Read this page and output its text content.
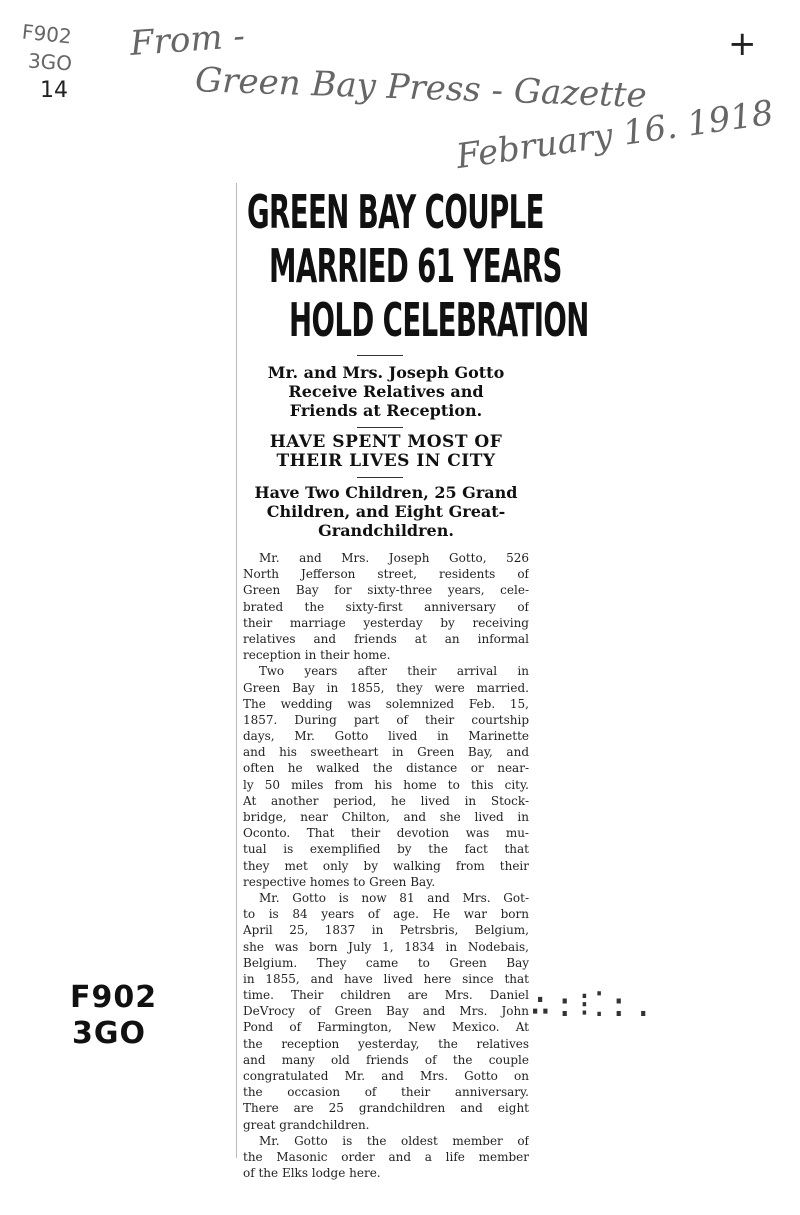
From -
Green Bay Press - Gazette
February 16. 1918
F902
3GO
14
+
F902
3GO
∴:⁝⁚:.
GREEN BAY COUPLE
MARRIED 61 YEARS
HOLD CELEBRATION
Mr. and Mrs. Joseph Gotto
Receive Relatives and
Friends at Reception.
HAVE SPENT MOST OF
THEIR LIVES IN CITY
Have Two Children, 25 Grand
Children, and Eight Great-
Grandchildren.
Mr. and Mrs. Joseph Gotto, 526
North Jefferson street, residents of
Green Bay for sixty-three years, cele-
brated the sixty-first anniversary of
their marriage yesterday by receiving
relatives and friends at an informal
reception in their home.
Two years after their arrival in
Green Bay in 1855, they were married.
The wedding was solemnized Feb. 15,
1857. During part of their courtship
days, Mr. Gotto lived in Marinette
and his sweetheart in Green Bay, and
often he walked the distance or near-
ly 50 miles from his home to this city.
At another period, he lived in Stock-
bridge, near Chilton, and she lived in
Oconto. That their devotion was mu-
tual is exemplified by the fact that
they met only by walking from their
respective homes to Green Bay.
Mr. Gotto is now 81 and Mrs. Got-
to is 84 years of age. He war born
April 25, 1837 in Petrsbris, Belgium,
she was born July 1, 1834 in Nodebais,
Belgium. They came to Green Bay
in 1855, and have lived here since that
time. Their children are Mrs. Daniel
DeVrocy of Green Bay and Mrs. John
Pond of Farmington, New Mexico. At
the reception yesterday, the relatives
and many old friends of the couple
congratulated Mr. and Mrs. Gotto on
the occasion of their anniversary.
There are 25 grandchildren and eight
great grandchildren.
Mr. Gotto is the oldest member of
the Masonic order and a life member
of the Elks lodge here.
